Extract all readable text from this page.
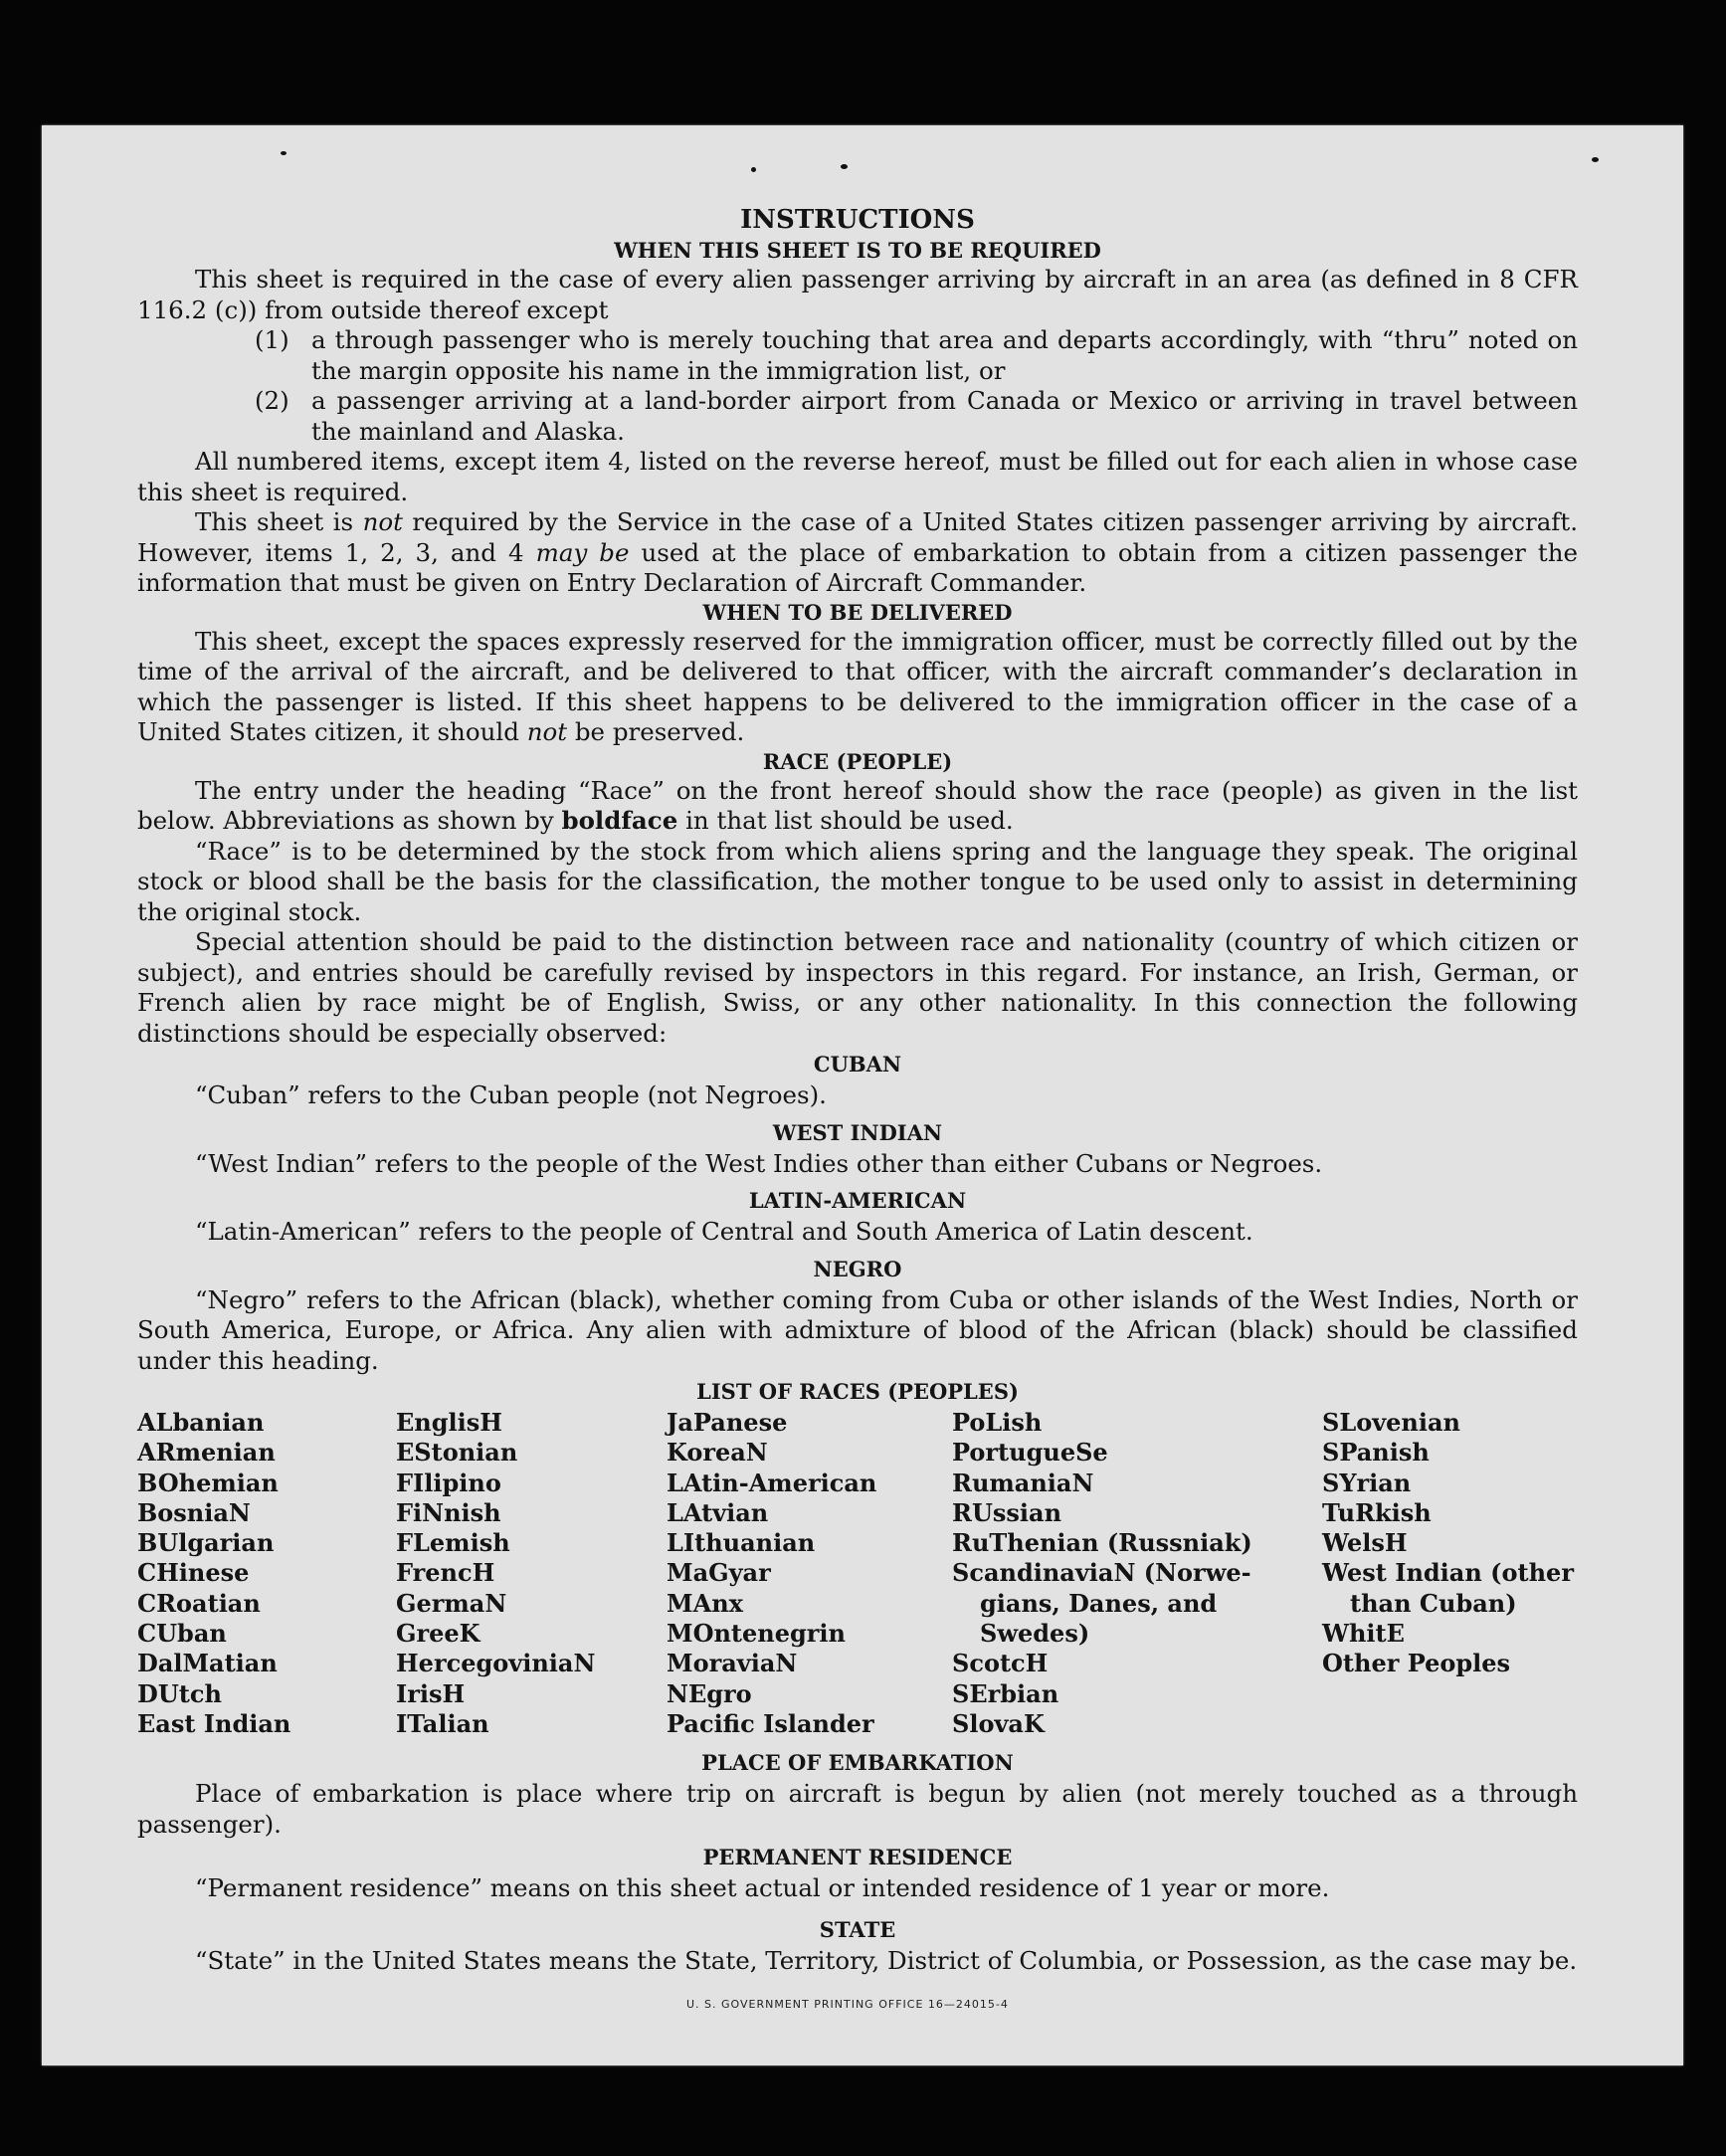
INSTRUCTIONS
WHEN THIS SHEET IS TO BE REQUIRED

This sheet is required in the case of every alien passenger arriving by aircraft in an area (as defined in 8 CFR 116.2 (c)) from outside thereof except

(1) a through passenger who is merely touching that area and departs accordingly, with “thru” noted on the margin opposite his name in the immigration list, or

(2) a passenger arriving at a land-border airport from Canada or Mexico or arriving in travel between the mainland and Alaska.

All numbered items, except item 4, listed on the reverse hereof, must be filled out for each alien in whose case this sheet is required.

This sheet is not required by the Service in the case of a United States citizen passenger arriving by aircraft. However, items 1, 2, 3, and 4 may be used at the place of embarkation to obtain from a citizen passenger the information that must be given on Entry Declaration of Aircraft Commander.

WHEN TO BE DELIVERED

This sheet, except the spaces expressly reserved for the immigration officer, must be correctly filled out by the time of the arrival of the aircraft, and be delivered to that officer, with the aircraft commander’s declaration in which the passenger is listed. If this sheet happens to be delivered to the immigration officer in the case of a United States citizen, it should not be preserved.

RACE (PEOPLE)

The entry under the heading “Race” on the front hereof should show the race (people) as given in the list below. Abbreviations as shown by boldface in that list should be used.

“Race” is to be determined by the stock from which aliens spring and the language they speak. The original stock or blood shall be the basis for the classification, the mother tongue to be used only to assist in determining the original stock.

Special attention should be paid to the distinction between race and nationality (country of which citizen or subject), and entries should be carefully revised by inspectors in this regard. For instance, an Irish, German, or French alien by race might be of English, Swiss, or any other nationality. In this connection the following distinctions should be especially observed:

CUBAN

“Cuban” refers to the Cuban people (not Negroes).

WEST INDIAN

“West Indian” refers to the people of the West Indies other than either Cubans or Negroes.

LATIN-AMERICAN

“Latin-American” refers to the people of Central and South America of Latin descent.

NEGRO

“Negro” refers to the African (black), whether coming from Cuba or other islands of the West Indies, North or South America, Europe, or Africa. Any alien with admixture of blood of the African (black) should be classified under this heading.

LIST OF RACES (PEOPLES)
ALbanian
ARmenian
BOhemian
BosniaN
BUlgarian
CHinese
CRoatian
CUban
DalMatian
DUtch
East Indian
EnglisH
EStonian
FIlipino
FiNnish
FLemish
FrencH
GermaN
GreeK
HercegoviniaN
IrisH
ITalian
JaPanese
KoreaN
LAtin-American
LAtvian
LIthuanian
MaGyar
MAnx
MOntenegrin
MoraviaN
NEgro
Pacific Islander
PoLish
PortugueSe
RumaniaN
RUssian
RuThenian (Russniak)
ScandinaviaN (Norwe-
gians, Danes, and
Swedes)
ScotcH
SErbian
SlovaK
SLovenian
SPanish
SYrian
TuRkish
WelsH
West Indian (other
than Cuban)
WhitE
Other Peoples
PLACE OF EMBARKATION

Place of embarkation is place where trip on aircraft is begun by alien (not merely touched as a through passenger).

PERMANENT RESIDENCE

“Permanent residence” means on this sheet actual or intended residence of 1 year or more.

STATE

“State” in the United States means the State, Territory, District of Columbia, or Possession, as the case may be.

U. S. GOVERNMENT PRINTING OFFICE 16—24015-4
